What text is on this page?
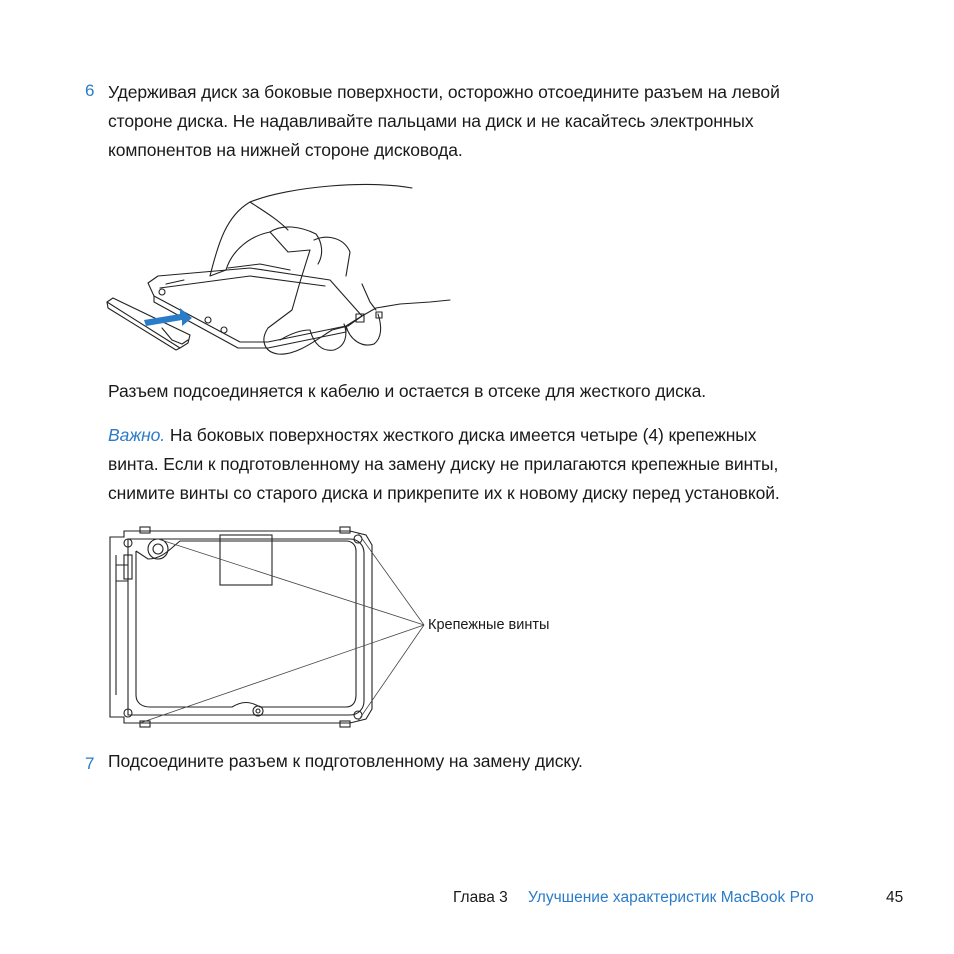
6 Удерживая диск за боковые поверхности, осторожно отсоедините разъем на левой
стороне диска. Не надавливайте пальцами на диск и не касайтесь электронных
компонентов на нижней стороне дисковода.
Разъем подсоединяется к кабелю и остается в отсеке для жесткого диска.
Важно. На боковых поверхностях жесткого диска имеется четыре (4) крепежных
винта. Если к подготовленному на замену диску не прилагаются крепежные винты,
снимите винты со старого диска и прикрепите их к новому диску перед установкой.
Крепежные винты
7 Подсоедините разъем к подготовленному на замену диску.
Глава 3 Улучшение характеристик MacBook Pro	45
